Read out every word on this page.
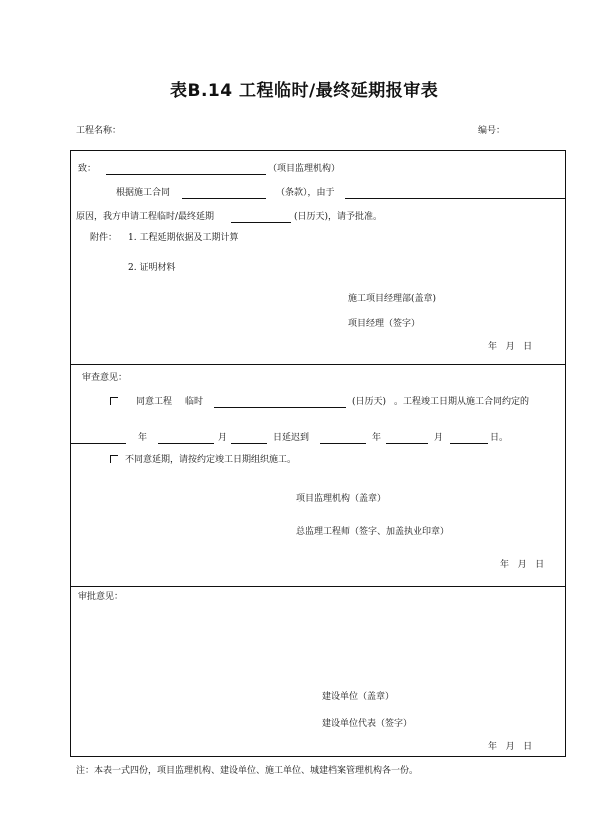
表B.14 工程临时/最终延期报审表
工程名称：	编号：
致：	（项目监理机构）
根据施工合同	（条款），由于
原因，我方申请工程临时/最终延期	(日历天)，请予批准。
附件： 1. 工程延期依据及工期计算
2. 证明材料
施工项目经理部(盖章)
项目经理（签字）
年   月   日
审查意见：
同意工程 临时	(日历天) 。工程竣工日期从施工合同约定的
年	月	日延迟到	年	月	日。
不同意延期，请按约定竣工日期组织施工。
项目监理机构（盖章）
总监理工程师（签字、加盖执业印章）
年   月   日
审批意见：
建设单位（盖章）
建设单位代表（签字）
年   月   日
注：本表一式四份，项目监理机构、建设单位、施工单位、城建档案管理机构各一份。
